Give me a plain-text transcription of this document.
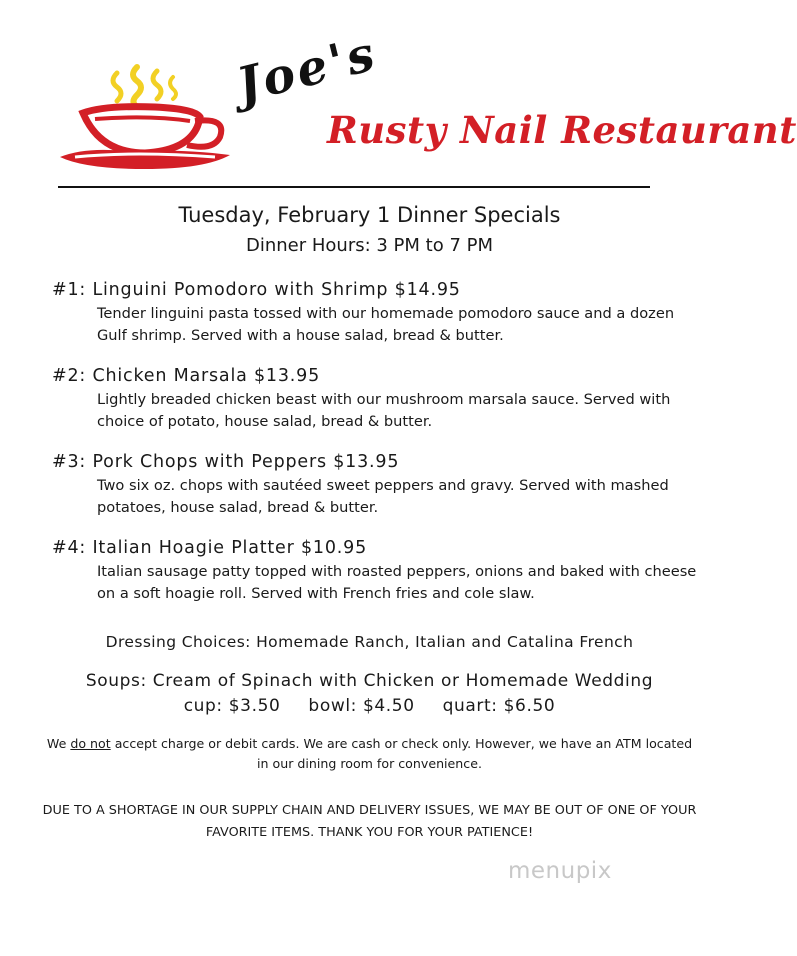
Joe's
Rusty Nail Restaurant
Tuesday, February 1 Dinner Specials
Dinner Hours: 3 PM to 7 PM
#1: Linguini Pomodoro with Shrimp $14.95
Tender linguini pasta tossed with our homemade pomodoro sauce and a dozen Gulf shrimp. Served with a house salad, bread & butter.
#2: Chicken Marsala $13.95
Lightly breaded chicken beast with our mushroom marsala sauce. Served with choice of potato, house salad, bread & butter.
#3: Pork Chops with Peppers $13.95
Two six oz. chops with sautéed sweet peppers and gravy. Served with mashed potatoes, house salad, bread & butter.
#4: Italian Hoagie Platter $10.95
Italian sausage patty topped with roasted peppers, onions and baked with cheese on a soft hoagie roll. Served with French fries and cole slaw.
Dressing Choices: Homemade Ranch, Italian and Catalina French
Soups: Cream of Spinach with Chicken or Homemade Wedding
cup: $3.50 bowl: $4.50 quart: $6.50
We do not accept charge or debit cards. We are cash or check only. However, we have an ATM located in our dining room for convenience.
DUE TO A SHORTAGE IN OUR SUPPLY CHAIN AND DELIVERY ISSUES, WE MAY BE OUT OF ONE OF YOUR FAVORITE ITEMS. THANK YOU FOR YOUR PATIENCE!
menupix
